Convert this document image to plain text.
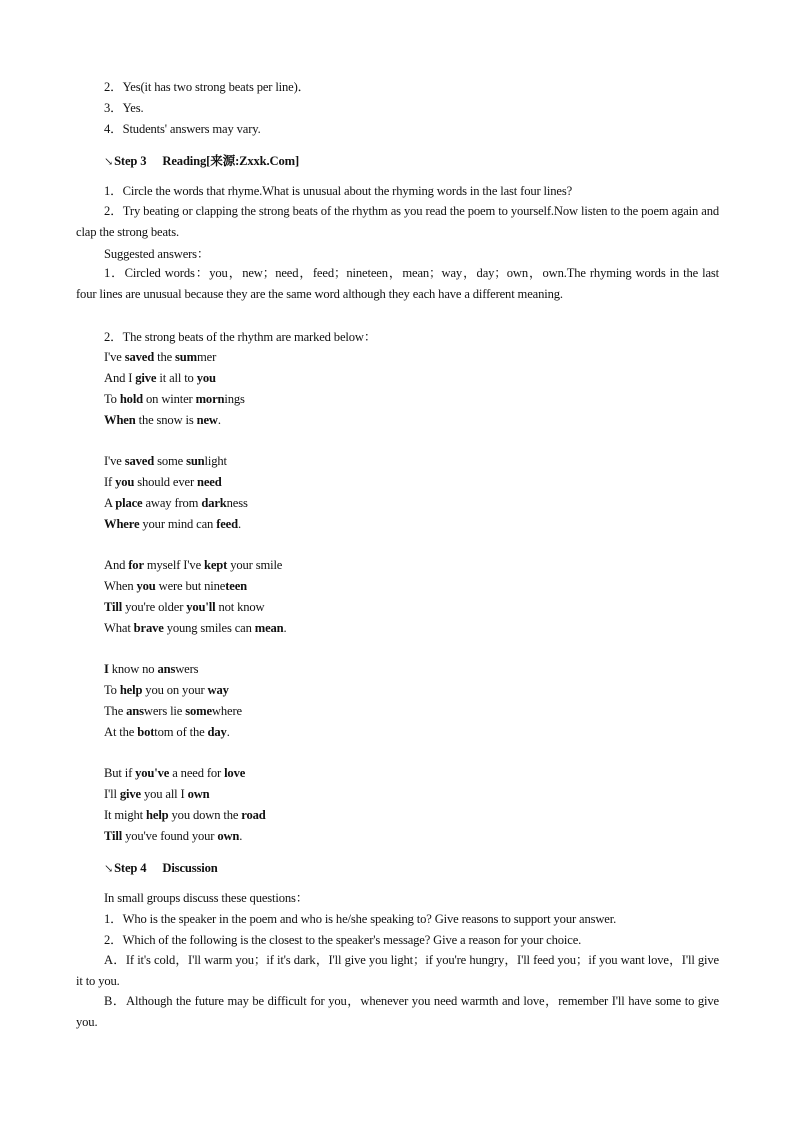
2．Yes(it has two strong beats per line)．
3．Yes.
4．Students' answers may vary.
↘Step 3 Reading[来源:Zxxk.Com]
1．Circle the words that rhyme.What is unusual about the rhyming words in the last four lines?
2．Try beating or clapping the strong beats of the rhythm as you read the poem to yourself.Now listen to the poem again and clap the strong beats.
Suggested answers：
1．Circled words：you，new；need，feed；nineteen，mean；way，day；own，own.The rhyming words in the last four lines are unusual because they are the same word although they each have a different meaning.
2．The strong beats of the rhythm are marked below：
I've saved the summer
And I give it all to you
To hold on winter mornings
When the snow is new.
I've saved some sunlight
If you should ever need
A place away from darkness
Where your mind can feed.
And for myself I've kept your smile
When you were but nineteen
Till you're older you'll not know
What brave young smiles can mean.
I know no answers
To help you on your way
The answers lie somewhere
At the bottom of the day.
But if you've a need for love
I'll give you all I own
It might help you down the road
Till you've found your own.
↘Step 4 Discussion
In small groups discuss these questions：
1．Who is the speaker in the poem and who is he/she speaking to? Give reasons to support your answer.
2．Which of the following is the closest to the speaker's message? Give a reason for your choice.
A．If it's cold，I'll warm you；if it's dark，I'll give you light；if you're hungry，I'll feed you；if you want love，I'll give it to you.
B．Although the future may be difficult for you，whenever you need warmth and love，remember I'll have some to give you.
